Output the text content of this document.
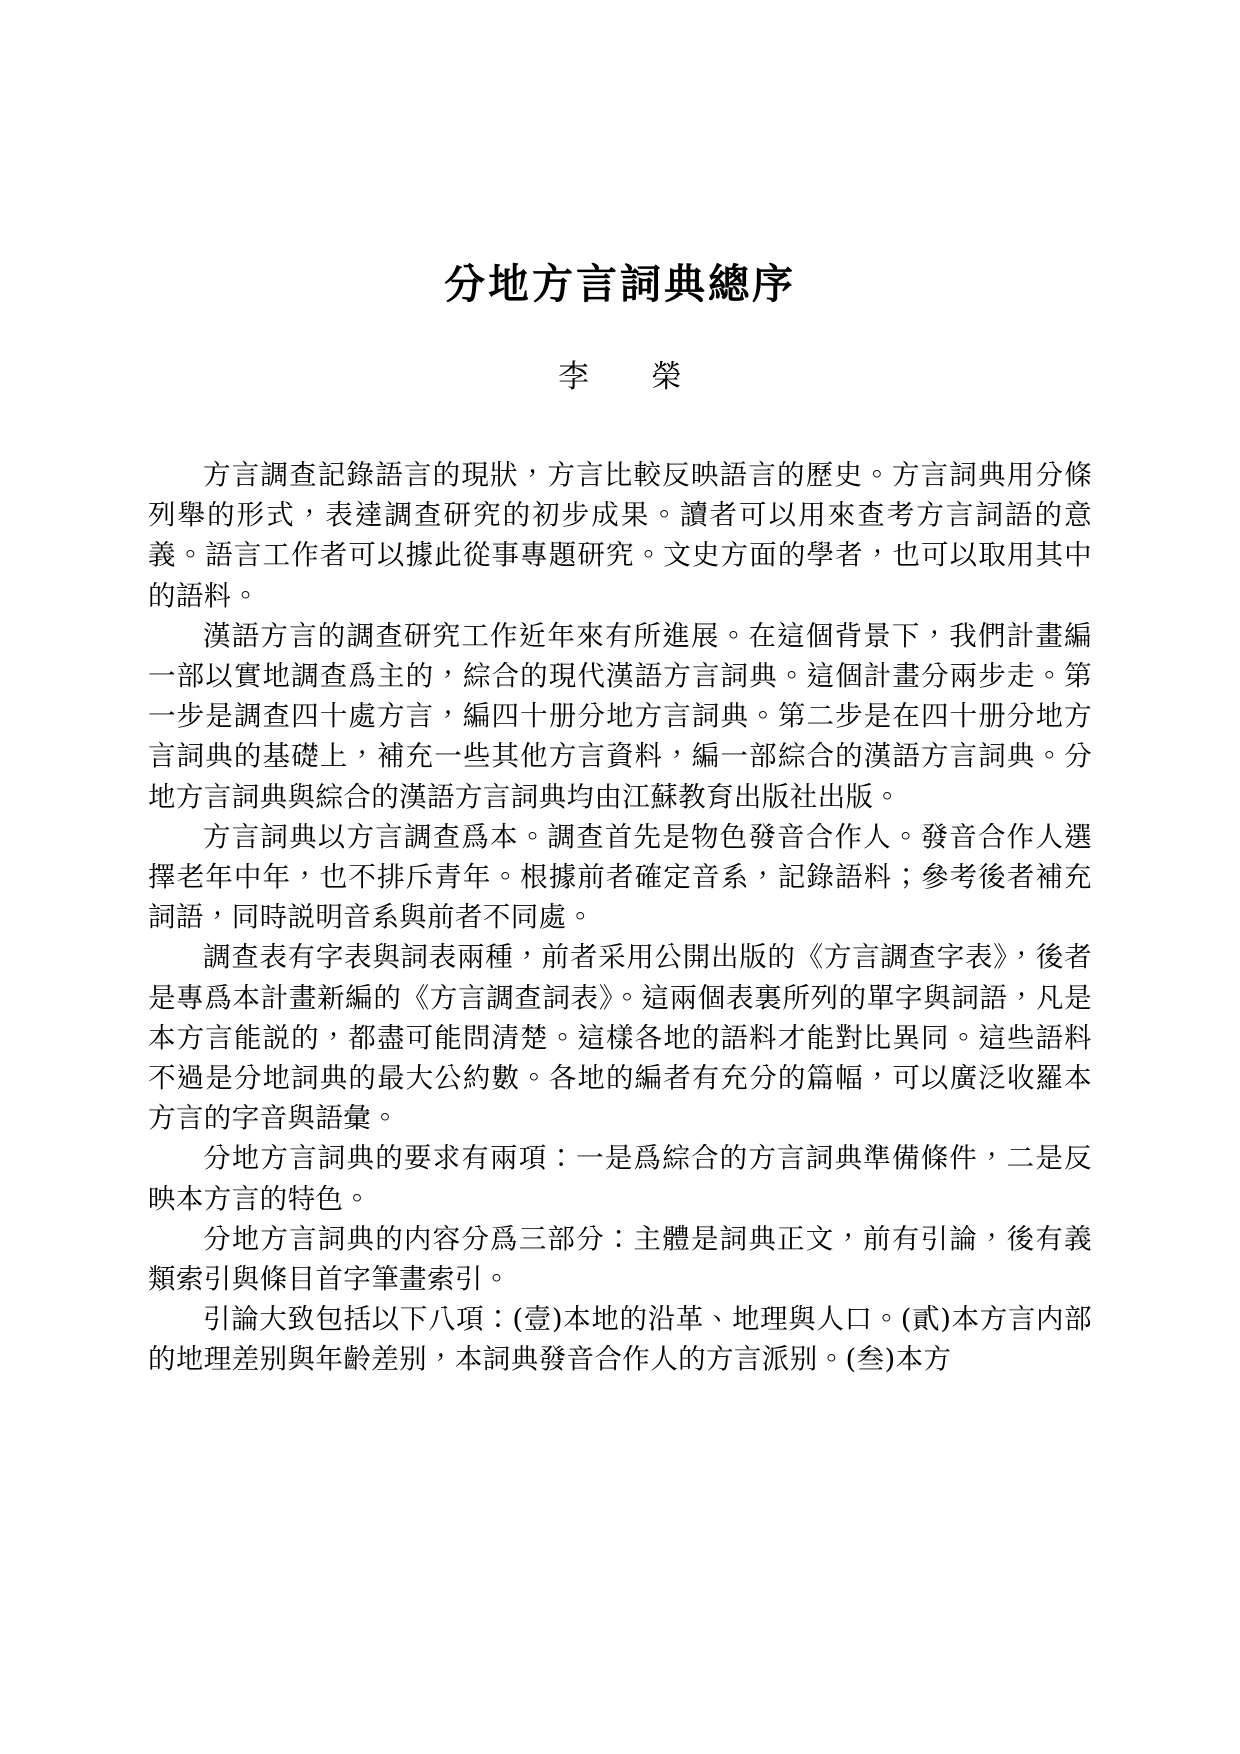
分地方言詞典總序
李 榮

方言調查記錄語言的現狀，方言比較反映語言的歷史。方言詞典用分條列舉的形式，表達調查研究的初步成果。讀者可以用來查考方言詞語的意義。語言工作者可以據此從事專題研究。文史方面的學者，也可以取用其中的語料。

漢語方言的調查研究工作近年來有所進展。在這個背景下，我們計畫編一部以實地調查爲主的，綜合的現代漢語方言詞典。這個計畫分兩步走。第一步是調查四十處方言，編四十册分地方言詞典。第二步是在四十册分地方言詞典的基礎上，補充一些其他方言資料，編一部綜合的漢語方言詞典。分地方言詞典與綜合的漢語方言詞典均由江蘇教育出版社出版。

方言詞典以方言調查爲本。調查首先是物色發音合作人。發音合作人選擇老年中年，也不排斥青年。根據前者確定音系，記錄語料；參考後者補充詞語，同時説明音系與前者不同處。

調查表有字表與詞表兩種，前者采用公開出版的《方言調查字表》，後者是專爲本計畫新編的《方言調查詞表》。這兩個表裏所列的單字與詞語，凡是本方言能説的，都盡可能問清楚。這樣各地的語料才能對比異同。這些語料不過是分地詞典的最大公約數。各地的編者有充分的篇幅，可以廣泛收羅本方言的字音與語彙。

分地方言詞典的要求有兩項：一是爲綜合的方言詞典準備條件，二是反映本方言的特色。

分地方言詞典的内容分爲三部分：主體是詞典正文，前有引論，後有義類索引與條目首字筆畫索引。

引論大致包括以下八項：(壹)本地的沿革、地理與人口。(貳)本方言内部的地理差别與年齡差别，本詞典發音合作人的方言派别。(叁)本方
